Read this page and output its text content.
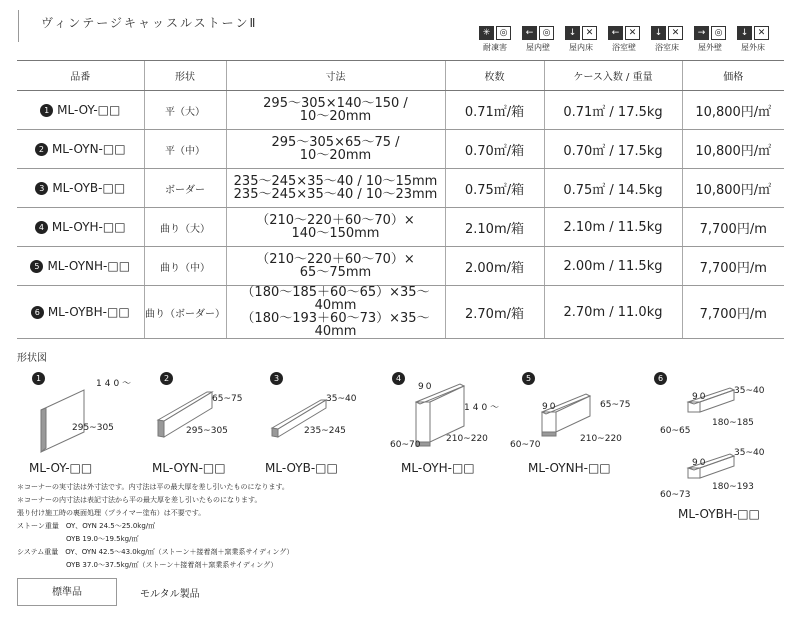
ヴィンテージキャッスルストーンⅡ
✳	◎
耐凍害
←	◎
屋内壁
↓	✕
屋内床
←	✕
浴室壁
↓	✕
浴室床
→	◎
屋外壁
↓	✕
屋外床
品番	形状	寸法	枚数	ケース入数 / 重量	価格
1 ML-OY-□□	平（大）	295～305×140～150 /
10～20mm	0.71㎡/箱	0.71㎡ / 17.5kg	10,800円/㎡
2 ML-OYN-□□	平（中）	295～305×65～75 /
10～20mm	0.70㎡/箱	0.70㎡ / 17.5kg	10,800円/㎡
3 ML-OYB-□□	ボーダー	235～245×35～40 / 10～15mm
235～245×35～40 / 10～23mm	0.75㎡/箱	0.75㎡ / 14.5kg	10,800円/㎡
4 ML-OYH-□□	曲り（大）	（210～220＋60～70）×
140～150mm	2.10m/箱	2.10m / 11.5kg	7,700円/m
5 ML-OYNH-□□	曲り（中）	（210～220＋60～70）×
65～75mm	2.00m/箱	2.00m / 11.5kg	7,700円/m
6 ML-OYBH-□□	曲り（ボーダー）	（180～185＋60～65）×35～40mm
（180～193＋60～73）×35～40mm	2.70m/箱	2.70m / 11.0kg	7,700円/m
形状図
1
140～
295~305
ML-OY-□□
2
65~75
295~305
ML-OYN-□□
3
35~40
235~245
ML-OYB-□□
4
90
140～
60~70
210~220
ML-OYH-□□
5
90	65~75
60~70
210~220
ML-OYNH-□□
6
90
35~40
60~65
180~185
90
35~40
60~73
180~193
ML-OYBH-□□
＊コーナーの実寸法は外寸法です。内寸法は平の最大厚を差し引いたものになります。
＊コーナーの内寸法は表記寸法から平の最大厚を差し引いたものになります。
張り付け施工時の裏面処理（プライマー塗布）は不要です。
ストーン重量　OY、OYN 24.5～25.0kg/㎡
　　　　　　　OYB 19.0～19.5kg/㎡
システム重量　OY、OYN 42.5～43.0kg/㎡（ストーン＋接着剤＋窯業系サイディング）
　　　　　　　OYB 37.0～37.5kg/㎡（ストーン＋接着剤＋窯業系サイディング）
標準品	モルタル製品
